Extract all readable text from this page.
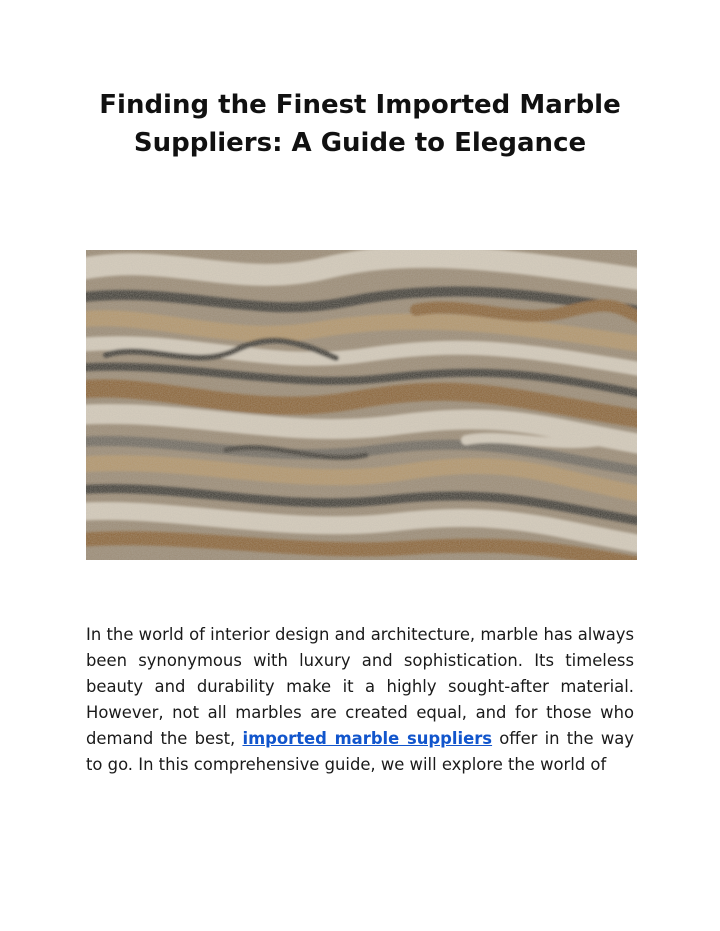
Finding the Finest Imported Marble Suppliers: A Guide to Elegance

In the world of interior design and architecture, marble has always been synonymous with luxury and sophistication. Its timeless beauty and durability make it a highly sought-after material. However, not all marbles are created equal, and for those who demand the best, imported marble suppliers offer in the way to go. In this comprehensive guide, we will explore the world of
